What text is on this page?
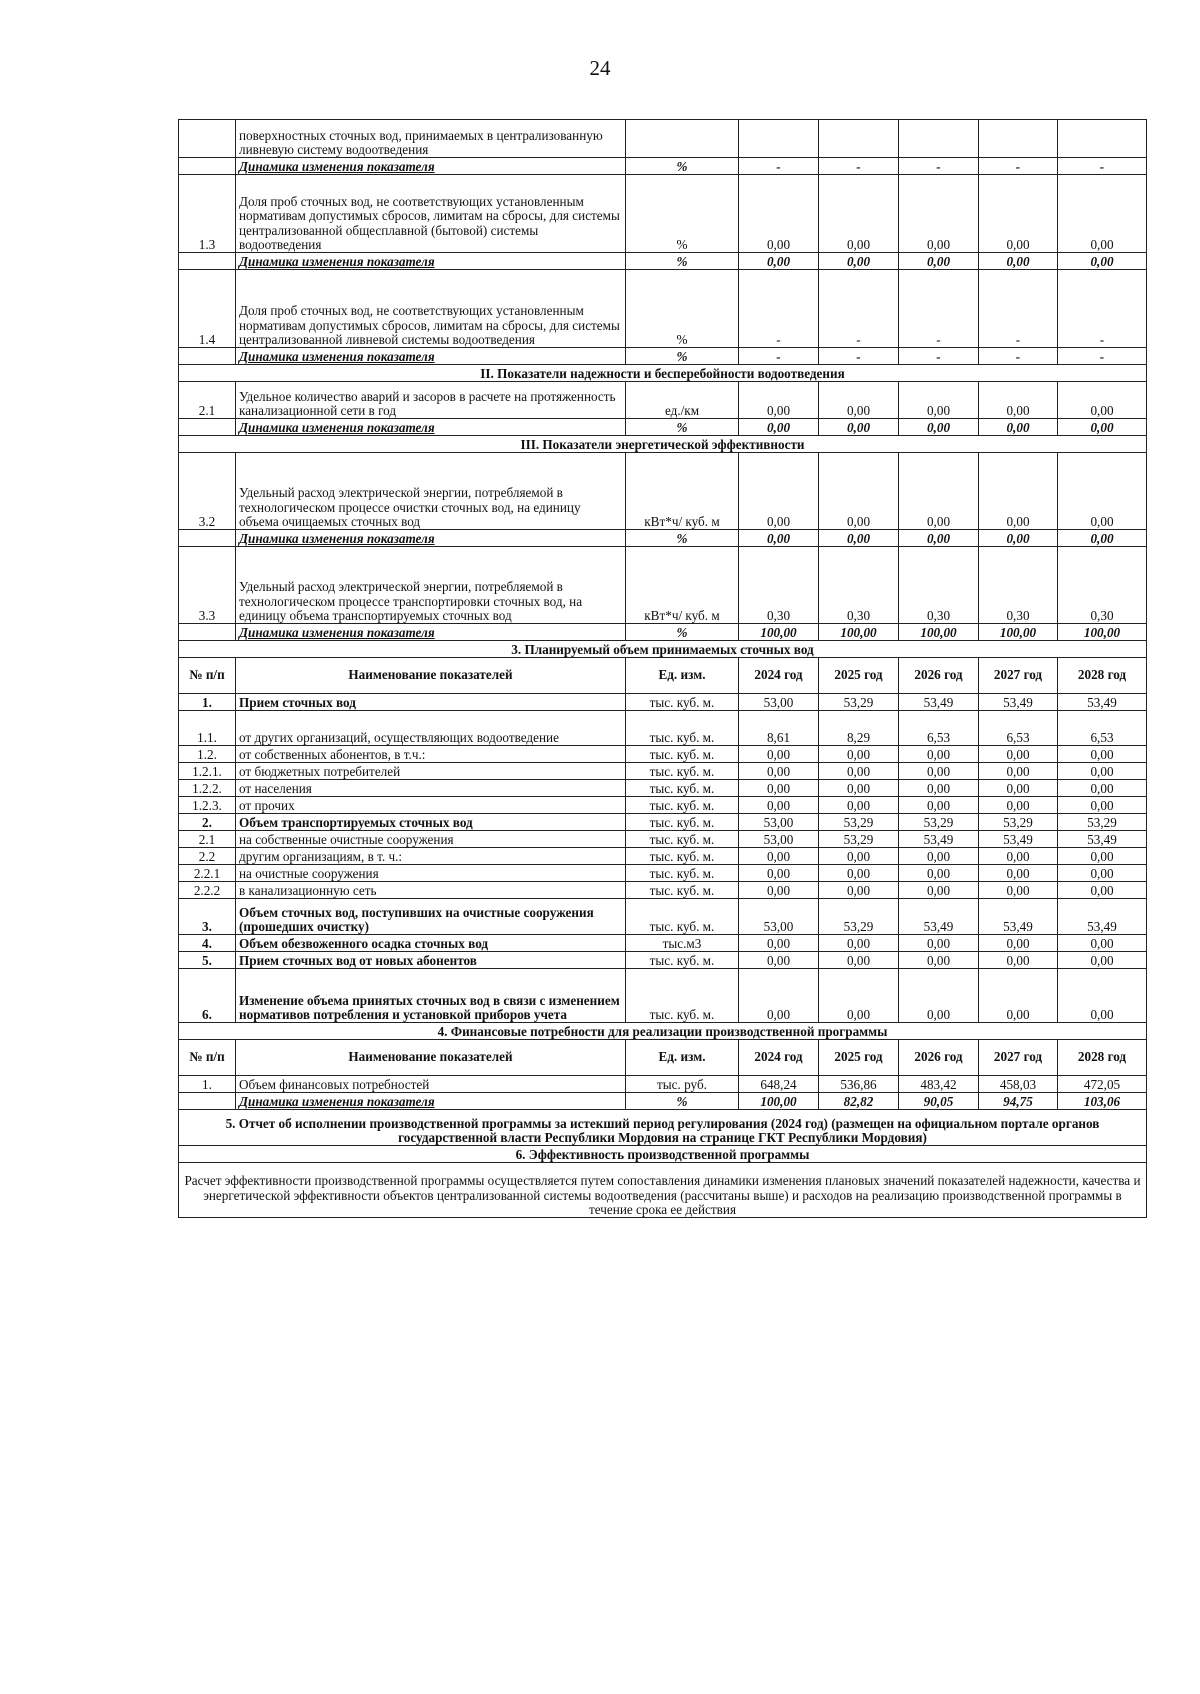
24
	поверхностных сточных вод, принимаемых в централизованную ливневую систему водоотведения						
	Динамика изменения показателя	%	-	-	-	-	-
1.3	Доля проб сточных вод, не соответствующих установленным нормативам допустимых сбросов, лимитам на сбросы, для системы централизованной общесплавной (бытовой) системы водоотведения	%	0,00	0,00	0,00	0,00	0,00
	Динамика изменения показателя	%	0,00	0,00	0,00	0,00	0,00
1.4	Доля проб сточных вод, не соответствующих установленным нормативам допустимых сбросов, лимитам на сбросы, для системы централизованной ливневой системы водоотведения	%	-	-	-	-	-
	Динамика изменения показателя	%	-	-	-	-	-
II. Показатели надежности и бесперебойности водоотведения							
2.1	Удельное количество аварий и засоров в расчете на протяженность канализационной сети в год	ед./км	0,00	0,00	0,00	0,00	0,00
	Динамика изменения показателя	%	0,00	0,00	0,00	0,00	0,00
III. Показатели энергетической эффективности							
3.2	Удельный расход электрической энергии, потребляемой в технологическом процессе очистки сточных вод, на единицу объема очищаемых сточных вод	кВт*ч/ куб. м	0,00	0,00	0,00	0,00	0,00
	Динамика изменения показателя	%	0,00	0,00	0,00	0,00	0,00
3.3	Удельный расход электрической энергии, потребляемой в технологическом процессе транспортировки сточных вод, на единицу объема транспортируемых сточных вод	кВт*ч/ куб. м	0,30	0,30	0,30	0,30	0,30
	Динамика изменения показателя	%	100,00	100,00	100,00	100,00	100,00
3. Планируемый объем принимаемых сточных вод							
№ п/п	Наименование показателей	Ед. изм.	2024 год	2025 год	2026 год	2027 год	2028 год
1.	Прием сточных вод	тыс. куб. м.	53,00	53,29	53,49	53,49	53,49
1.1.	от других организаций, осуществляющих водоотведение	тыс. куб. м.	8,61	8,29	6,53	6,53	6,53
1.2.	от собственных абонентов, в т.ч.:	тыс. куб. м.	0,00	0,00	0,00	0,00	0,00
1.2.1.	от бюджетных потребителей	тыс. куб. м.	0,00	0,00	0,00	0,00	0,00
1.2.2.	от населения	тыс. куб. м.	0,00	0,00	0,00	0,00	0,00
1.2.3.	от прочих	тыс. куб. м.	0,00	0,00	0,00	0,00	0,00
2.	Объем транспортируемых сточных вод	тыс. куб. м.	53,00	53,29	53,29	53,29	53,29
2.1	на собственные очистные сооружения	тыс. куб. м.	53,00	53,29	53,49	53,49	53,49
2.2	другим организациям, в т. ч.:	тыс. куб. м.	0,00	0,00	0,00	0,00	0,00
2.2.1	на очистные сооружения	тыс. куб. м.	0,00	0,00	0,00	0,00	0,00
2.2.2	в канализационную сеть	тыс. куб. м.	0,00	0,00	0,00	0,00	0,00
3.	Объем сточных вод, поступивших на очистные сооружения (прошедших очистку)	тыс. куб. м.	53,00	53,29	53,49	53,49	53,49
4.	Объем обезвоженного осадка сточных вод	тыс.м3	0,00	0,00	0,00	0,00	0,00
5.	Прием сточных вод от новых абонентов	тыс. куб. м.	0,00	0,00	0,00	0,00	0,00
6.	Изменение объема принятых сточных вод в связи с изменением нормативов потребления и установкой приборов учета	тыс. куб. м.	0,00	0,00	0,00	0,00	0,00
4. Финансовые потребности для реализации производственной программы							
№ п/п	Наименование показателей	Ед. изм.	2024 год	2025 год	2026 год	2027 год	2028 год
1.	Объем финансовых потребностей	тыс. руб.	648,24	536,86	483,42	458,03	472,05
	Динамика изменения показателя	%	100,00	82,82	90,05	94,75	103,06
5. Отчет об исполнении производственной программы за истекший период регулирования (2024 год) (размещен на официальном портале органов государственной власти Республики Мордовия на странице ГКТ Республики Мордовия)							
6. Эффективность производственной программы							
Расчет эффективности производственной программы осуществляется путем сопоставления динамики изменения плановых значений показателей надежности, качества и энергетической эффективности объектов централизованной системы водоотведения (рассчитаны выше) и расходов на реализацию производственной программы в течение срока ее действия							
